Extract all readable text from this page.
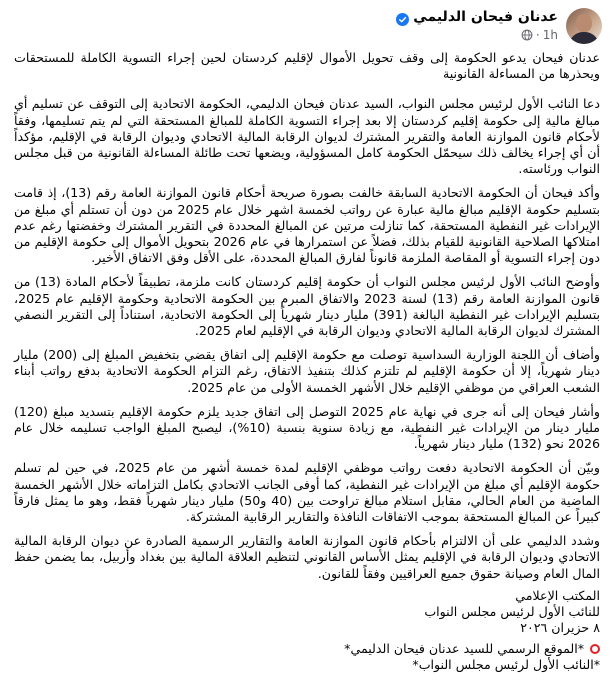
عدنان فيحان الدليمي
1h
·

عدنان فيحان يدعو الحكومة إلى وقف تحويل الأموال لإقليم كردستان لحين إجراء التسوية الكاملة للمستحقات ويحذرها من المساءلة القانونية

دعا النائب الأول لرئيس مجلس النواب، السيد عدنان فيحان الدليمي، الحكومة الاتحادية إلى التوقف عن تسليم أي مبالغ مالية إلى حكومة إقليم كردستان إلا بعد إجراء التسوية الكاملة للمبالغ المستحقة التي لم يتم تسليمها، وفقاً لأحكام قانون الموازنة العامة والتقرير المشترك لديوان الرقابة المالية الاتحادي وديوان الرقابة في الإقليم، مؤكداً أن أي إجراء يخالف ذلك سيحمّل الحكومة كامل المسؤولية، ويضعها تحت طائلة المساءلة القانونية من قبل مجلس النواب ورئاسته.

وأكد فيحان أن الحكومة الاتحادية السابقة خالفت بصورة صريحة أحكام قانون الموازنة العامة رقم (13)، إذ قامت بتسليم حكومة الإقليم مبالغ مالية عبارة عن رواتب لخمسة اشهر خلال عام 2025 من دون أن تستلم أي مبلغ من الإيرادات غير النفطية المستحقة، كما تنازلت مرتين عن المبالغ المحددة في التقرير المشترك وخفضتها رغم عدم امتلاكها الصلاحية القانونية للقيام بذلك، فضلاً عن استمرارها في عام 2026 بتحويل الأموال إلى حكومة الإقليم من دون إجراء التسوية أو المقاصة الملزمة قانوناً لفارق المبالغ المحددة، على الأقل وفق الاتفاق الأخير.

وأوضح النائب الأول لرئيس مجلس النواب أن حكومة إقليم كردستان كانت ملزمة، تطبيقاً لأحكام المادة (13) من قانون الموازنة العامة رقم (13) لسنة 2023 والاتفاق المبرم بين الحكومة الاتحادية وحكومة الإقليم عام 2025، بتسليم الإيرادات غير النفطية البالغة (391) مليار دينار شهرياً إلى الحكومة الاتحادية، استناداً إلى التقرير النصفي المشترك لديوان الرقابة المالية الاتحادي وديوان الرقابة في الإقليم لعام 2025.

وأضاف أن اللجنة الوزارية السداسية توصلت مع حكومة الإقليم إلى اتفاق يقضي بتخفيض المبلغ إلى (200) مليار دينار شهرياً، إلا أن حكومة الإقليم لم تلتزم كذلك بتنفيذ الاتفاق، رغم التزام الحكومة الاتحادية بدفع رواتب أبناء الشعب العراقي من موظفي الإقليم خلال الأشهر الخمسة الأولى من عام 2025.

وأشار فيحان إلى أنه جرى في نهاية عام 2025 التوصل إلى اتفاق جديد يلزم حكومة الإقليم بتسديد مبلغ (120) مليار دينار من الإيرادات غير النفطية، مع زيادة سنوية بنسبة (10%)، ليصبح المبلغ الواجب تسليمه خلال عام 2026 نحو (132) مليار دينار شهرياً.

وبيّن أن الحكومة الاتحادية دفعت رواتب موظفي الإقليم لمدة خمسة أشهر من عام 2025، في حين لم تسلم حكومة الإقليم أي مبلغ من الإيرادات غير النفطية، كما أوفى الجانب الاتحادي بكامل التزاماته خلال الأشهر الخمسة الماضية من العام الحالي، مقابل استلام مبالغ تراوحت بين (40 و50) مليار دينار شهرياً فقط، وهو ما يمثل فارقاً كبيراً عن المبالغ المستحقة بموجب الاتفاقات النافذة والتقارير الرقابية المشتركة.

وشدد الدليمي على أن الالتزام بأحكام قانون الموازنة العامة والتقارير الرسمية الصادرة عن ديوان الرقابة المالية الاتحادي وديوان الرقابة في الإقليم يمثل الأساس القانوني لتنظيم العلاقة المالية بين بغداد وأربيل، بما يضمن حفظ المال العام وصيانة حقوق جميع العراقيين وفقاً للقانون.

المكتب الإعلامي

للنائب الأول لرئيس مجلس النواب

٨ حزيران ٢٠٢٦

*الموقع الرسمي للسيد عدنان فيحان الدليمي*

*النائب الأول لرئيس مجلس النواب*
